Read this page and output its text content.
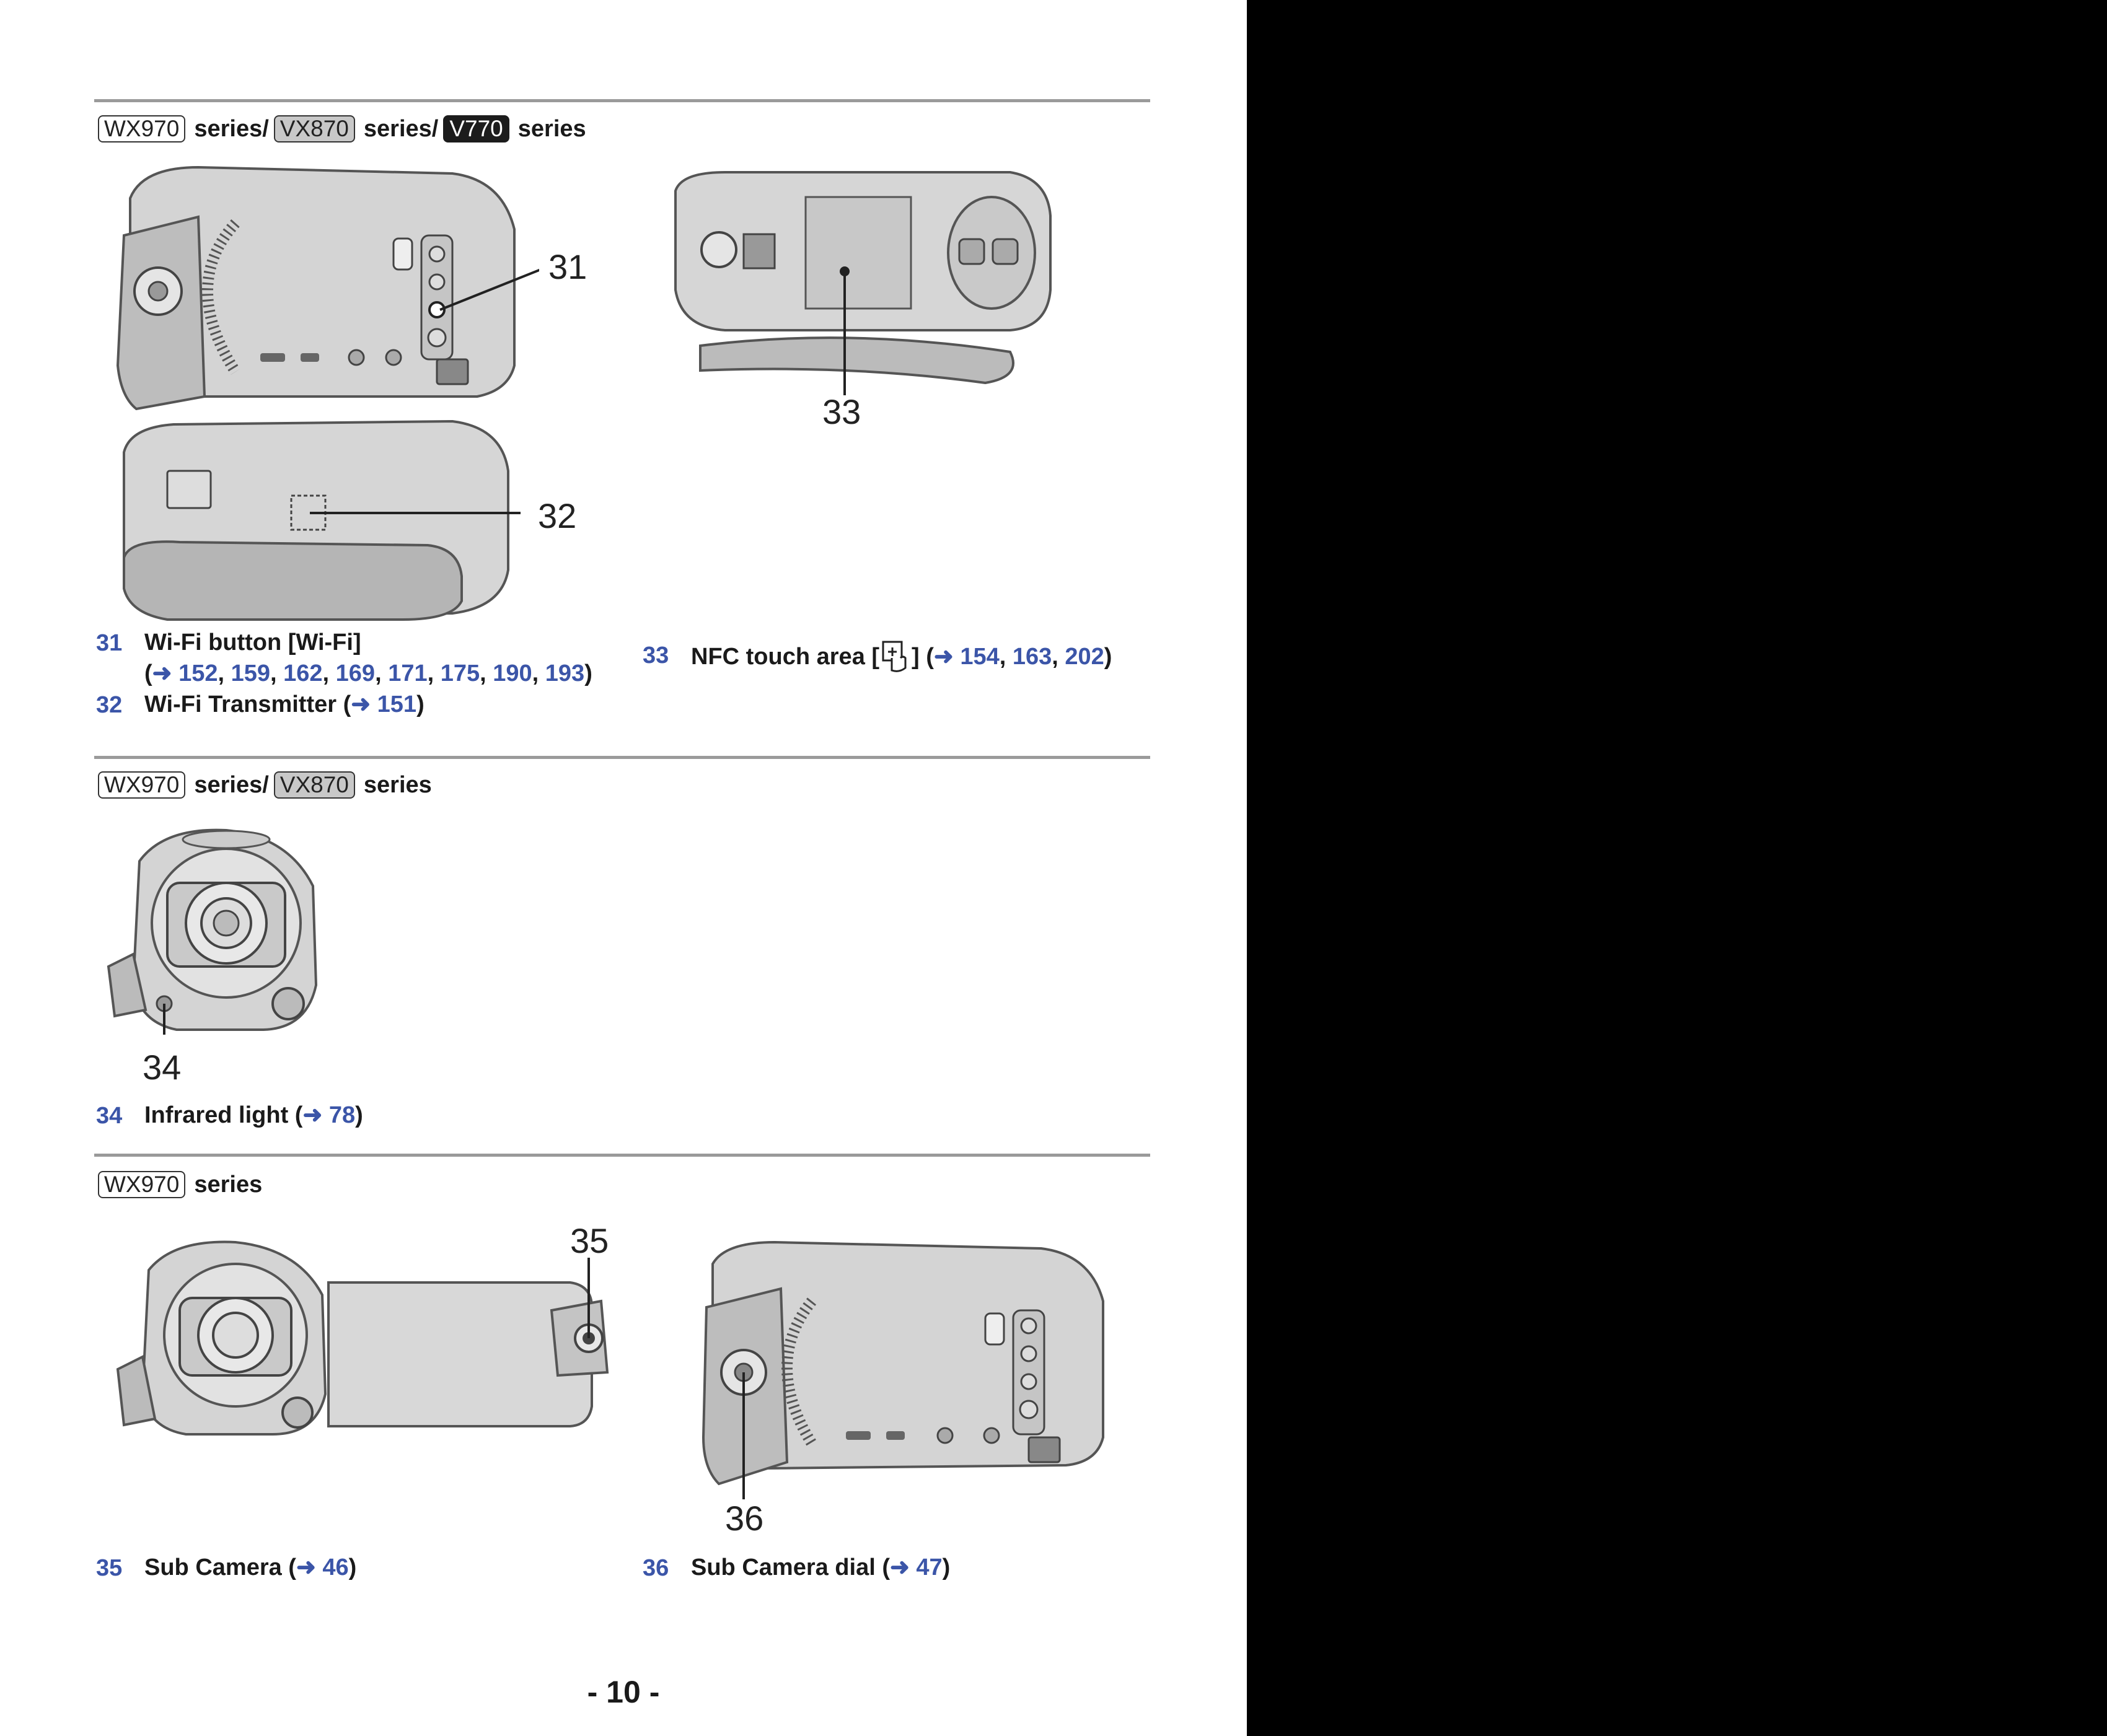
WX970 series/ VX870 series/ V770 series
31
32
33
31 Wi-Fi button [Wi-Fi]
(➜ 152, 159, 162, 169, 171, 175, 190, 193)
32 Wi-Fi Transmitter (➜ 151)
33 NFC touch area [ ] (➜ 154, 163, 202)
WX970 series/ VX870 series
34
34 Infrared light (➜ 78)
WX970 series
35
36
35 Sub Camera (➜ 46)	36 Sub Camera dial (➜ 47)
- 10 -
